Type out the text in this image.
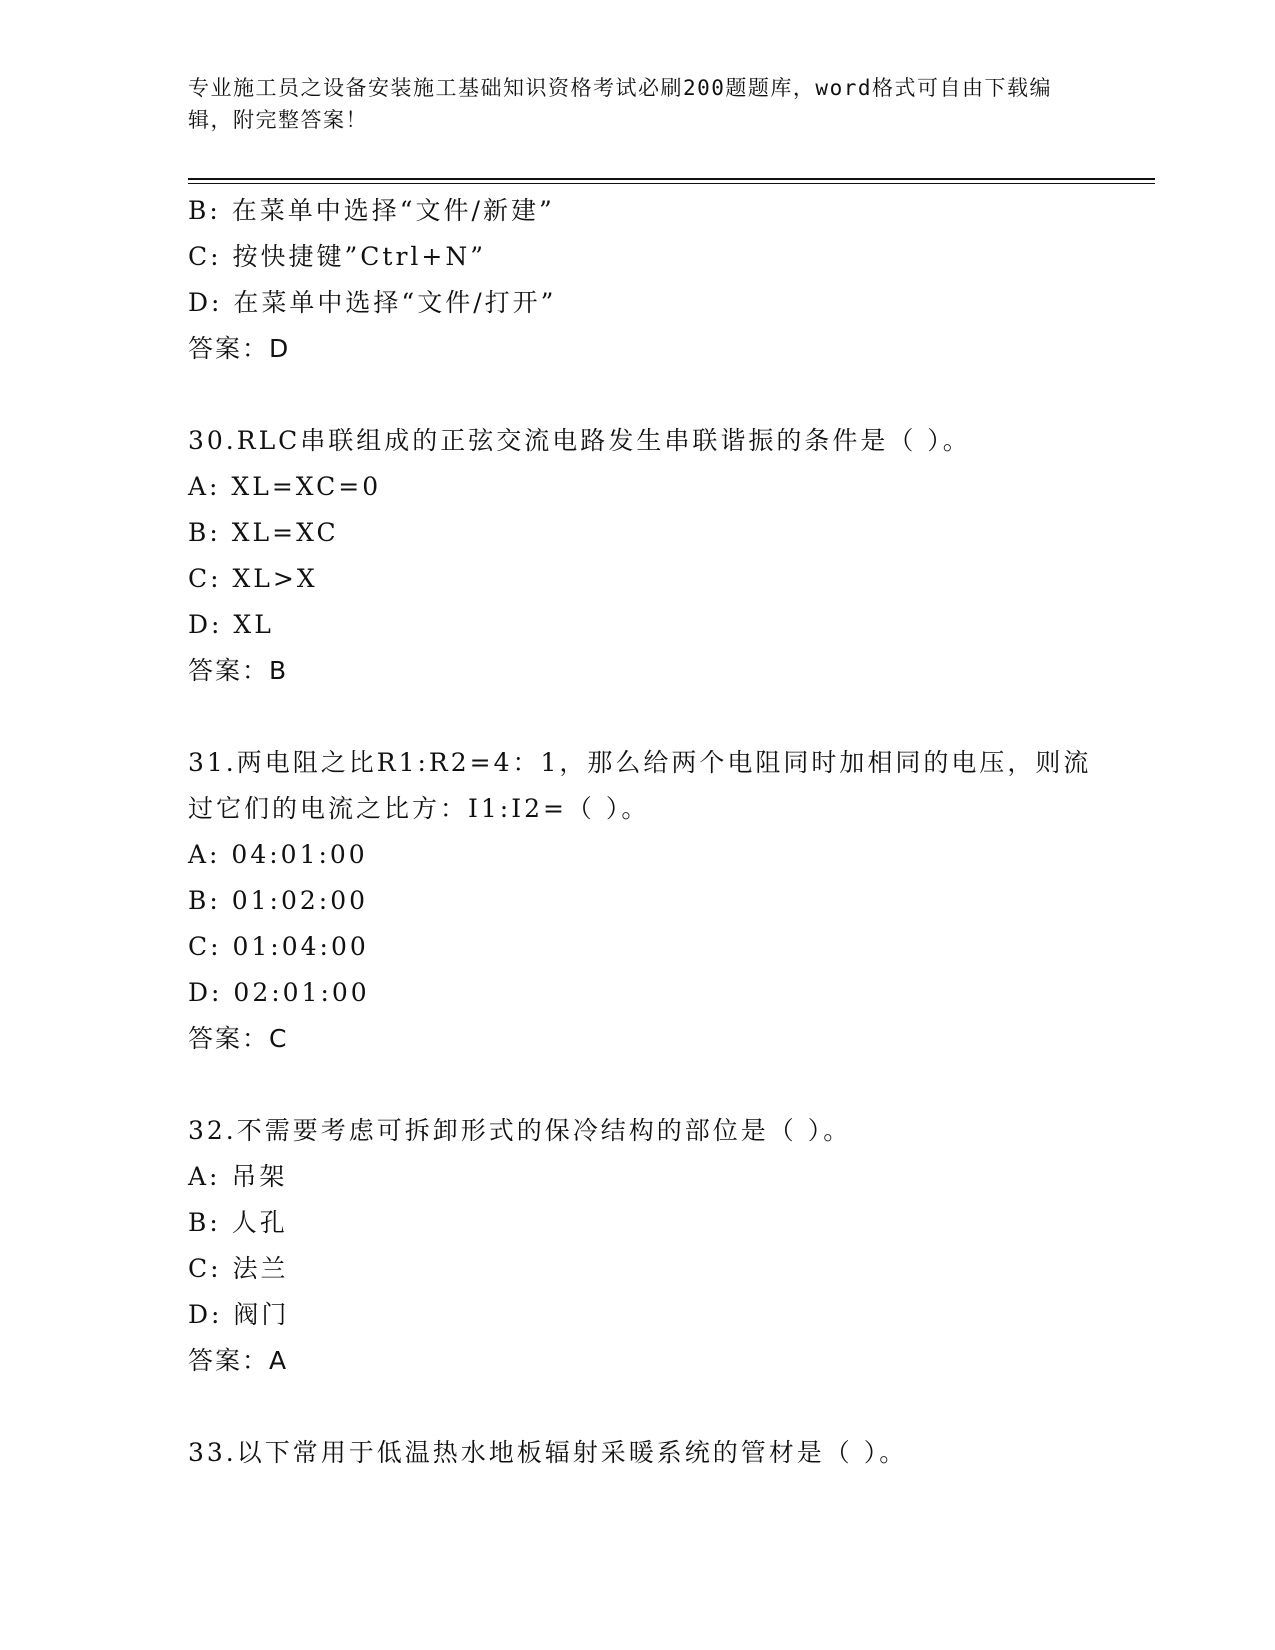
专业施工员之设备安装施工基础知识资格考试必刷200题题库，word格式可自由下载编辑，附完整答案！
B: 在菜单中选择“文件/新建”
C: 按快捷键”Ctrl+N”
D: 在菜单中选择“文件/打开”
答案：D
30.RLC串联组成的正弦交流电路发生串联谐振的条件是（ ）。
A: XL=XC=0
B: XL=XC
C: XL>X
D: XL
答案：B
31.两电阻之比R1:R2=4：1，那么给两个电阻同时加相同的电压，则流
过它们的电流之比方：I1:I2=（ ）。
A: 04:01:00
B: 01:02:00
C: 01:04:00
D: 02:01:00
答案：C
32.不需要考虑可拆卸形式的保冷结构的部位是（ ）。
A: 吊架
B: 人孔
C: 法兰
D: 阀门
答案：A
33.以下常用于低温热水地板辐射采暖系统的管材是（ ）。
